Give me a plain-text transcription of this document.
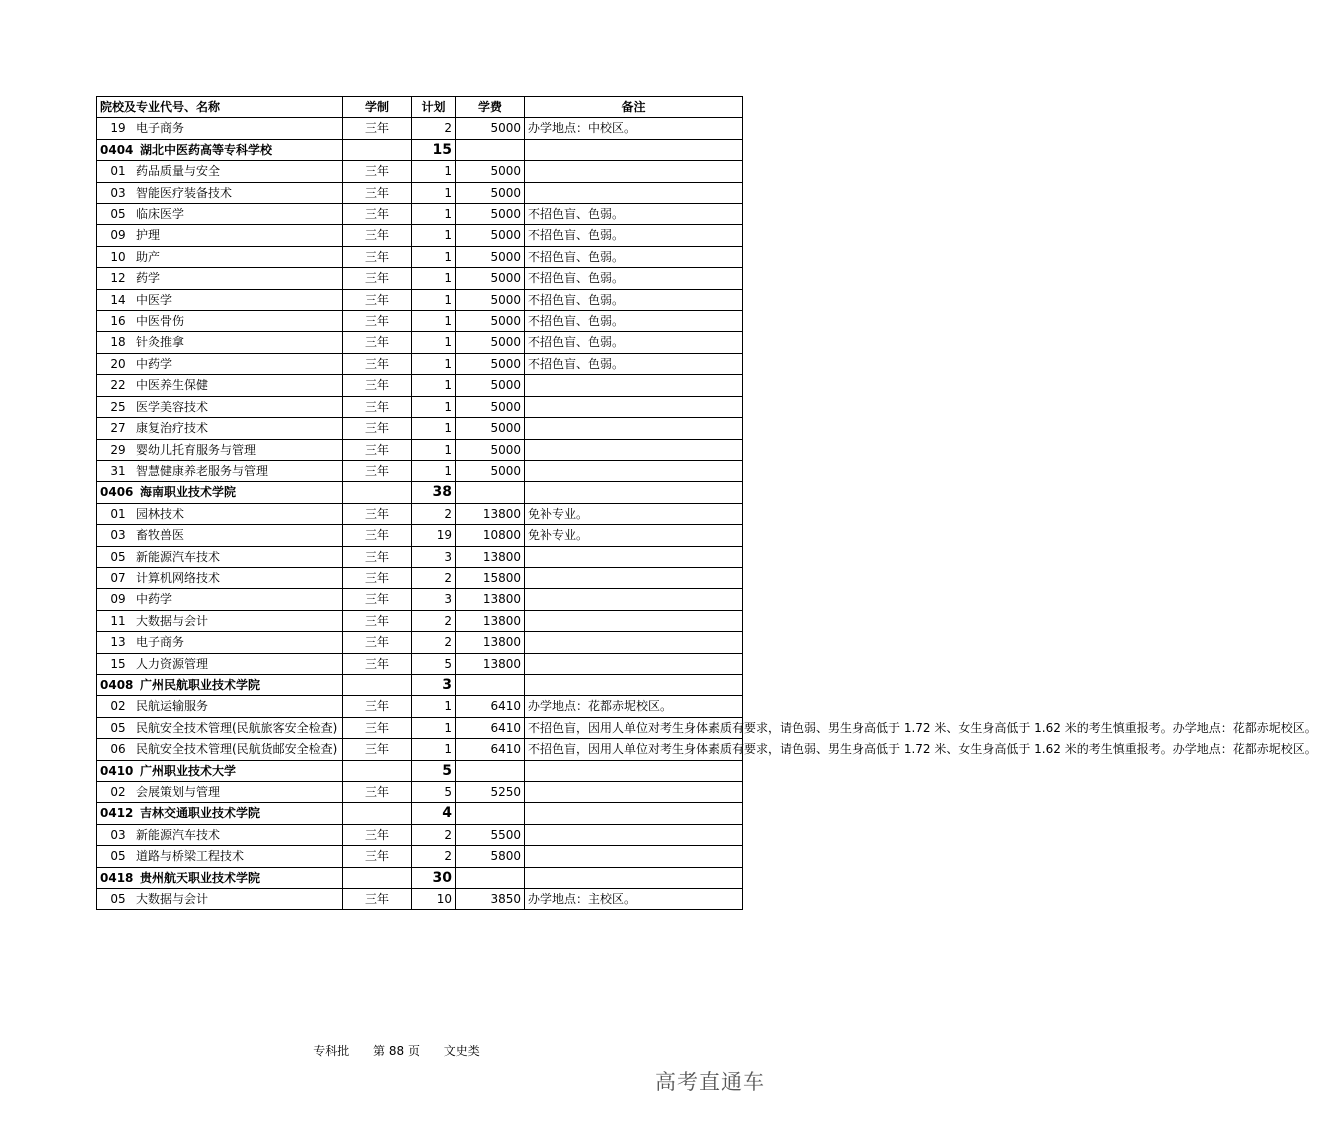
院校及专业代号、名称	学制	计划	学费	备注
19 电子商务	三年	2	5000	办学地点：中校区。
0404 湖北中医药高等专科学校		15		
01 药品质量与安全	三年	1	5000	
03 智能医疗装备技术	三年	1	5000	
05 临床医学	三年	1	5000	不招色盲、色弱。
09 护理	三年	1	5000	不招色盲、色弱。
10 助产	三年	1	5000	不招色盲、色弱。
12 药学	三年	1	5000	不招色盲、色弱。
14 中医学	三年	1	5000	不招色盲、色弱。
16 中医骨伤	三年	1	5000	不招色盲、色弱。
18 针灸推拿	三年	1	5000	不招色盲、色弱。
20 中药学	三年	1	5000	不招色盲、色弱。
22 中医养生保健	三年	1	5000	
25 医学美容技术	三年	1	5000	
27 康复治疗技术	三年	1	5000	
29 婴幼儿托育服务与管理	三年	1	5000	
31 智慧健康养老服务与管理	三年	1	5000	
0406 海南职业技术学院		38		
01 园林技术	三年	2	13800	免补专业。
03 畜牧兽医	三年	19	10800	免补专业。
05 新能源汽车技术	三年	3	13800	
07 计算机网络技术	三年	2	15800	
09 中药学	三年	3	13800	
11 大数据与会计	三年	2	13800	
13 电子商务	三年	2	13800	
15 人力资源管理	三年	5	13800	
0408 广州民航职业技术学院		3		
02 民航运输服务	三年	1	6410	办学地点：花都赤坭校区。
05 民航安全技术管理(民航旅客安全检查)	三年	1	6410	不招色盲，因用人单位对考生身体素质有要求，请色弱、男生身高低于 1.72 米、女生身高低于 1.62 米的考生慎重报考。办学地点：花都赤坭校区。
06 民航安全技术管理(民航货邮安全检查)	三年	1	6410	不招色盲，因用人单位对考生身体素质有要求，请色弱、男生身高低于 1.72 米、女生身高低于 1.62 米的考生慎重报考。办学地点：花都赤坭校区。
0410 广州职业技术大学		5		
02 会展策划与管理	三年	5	5250	
0412 吉林交通职业技术学院		4		
03 新能源汽车技术	三年	2	5500	
05 道路与桥梁工程技术	三年	2	5800	
0418 贵州航天职业技术学院		30		
05 大数据与会计	三年	10	3850	办学地点：主校区。
专科批 第 88 页 文史类
高考直通车
